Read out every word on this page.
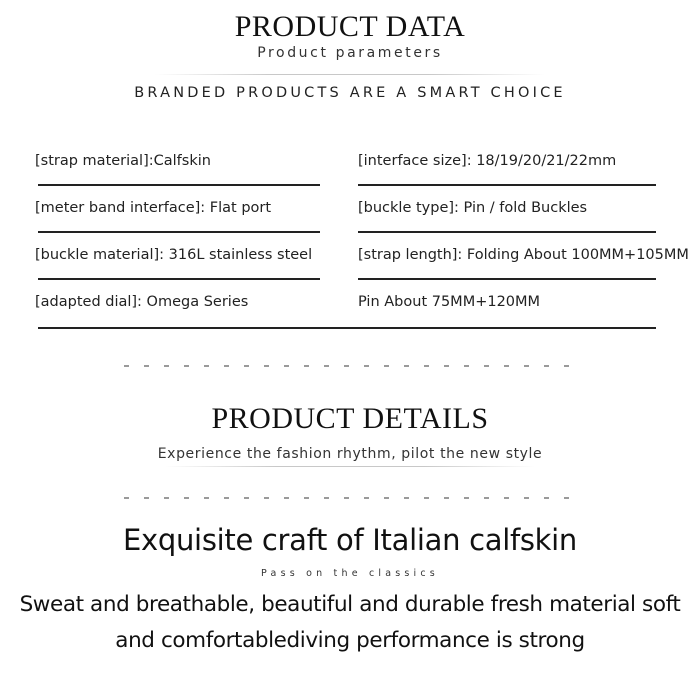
PRODUCT DATA
Product parameters
BRANDED PRODUCTS ARE A SMART CHOICE
[strap material]:Calfskin	[interface size]: 18/19/20/21/22mm
[meter band interface]: Flat port	[buckle type]: Pin / fold Buckles
[buckle material]: 316L stainless steel	[strap length]: Folding About 100MM+105MM
[adapted dial]: Omega Series	Pin About 75MM+120MM
PRODUCT DETAILS
Experience the fashion rhythm, pilot the new style
Exquisite craft of Italian calfskin
Pass on the classics
Sweat and breathable, beautiful and durable fresh material soft
and comfortablediving performance is strong
